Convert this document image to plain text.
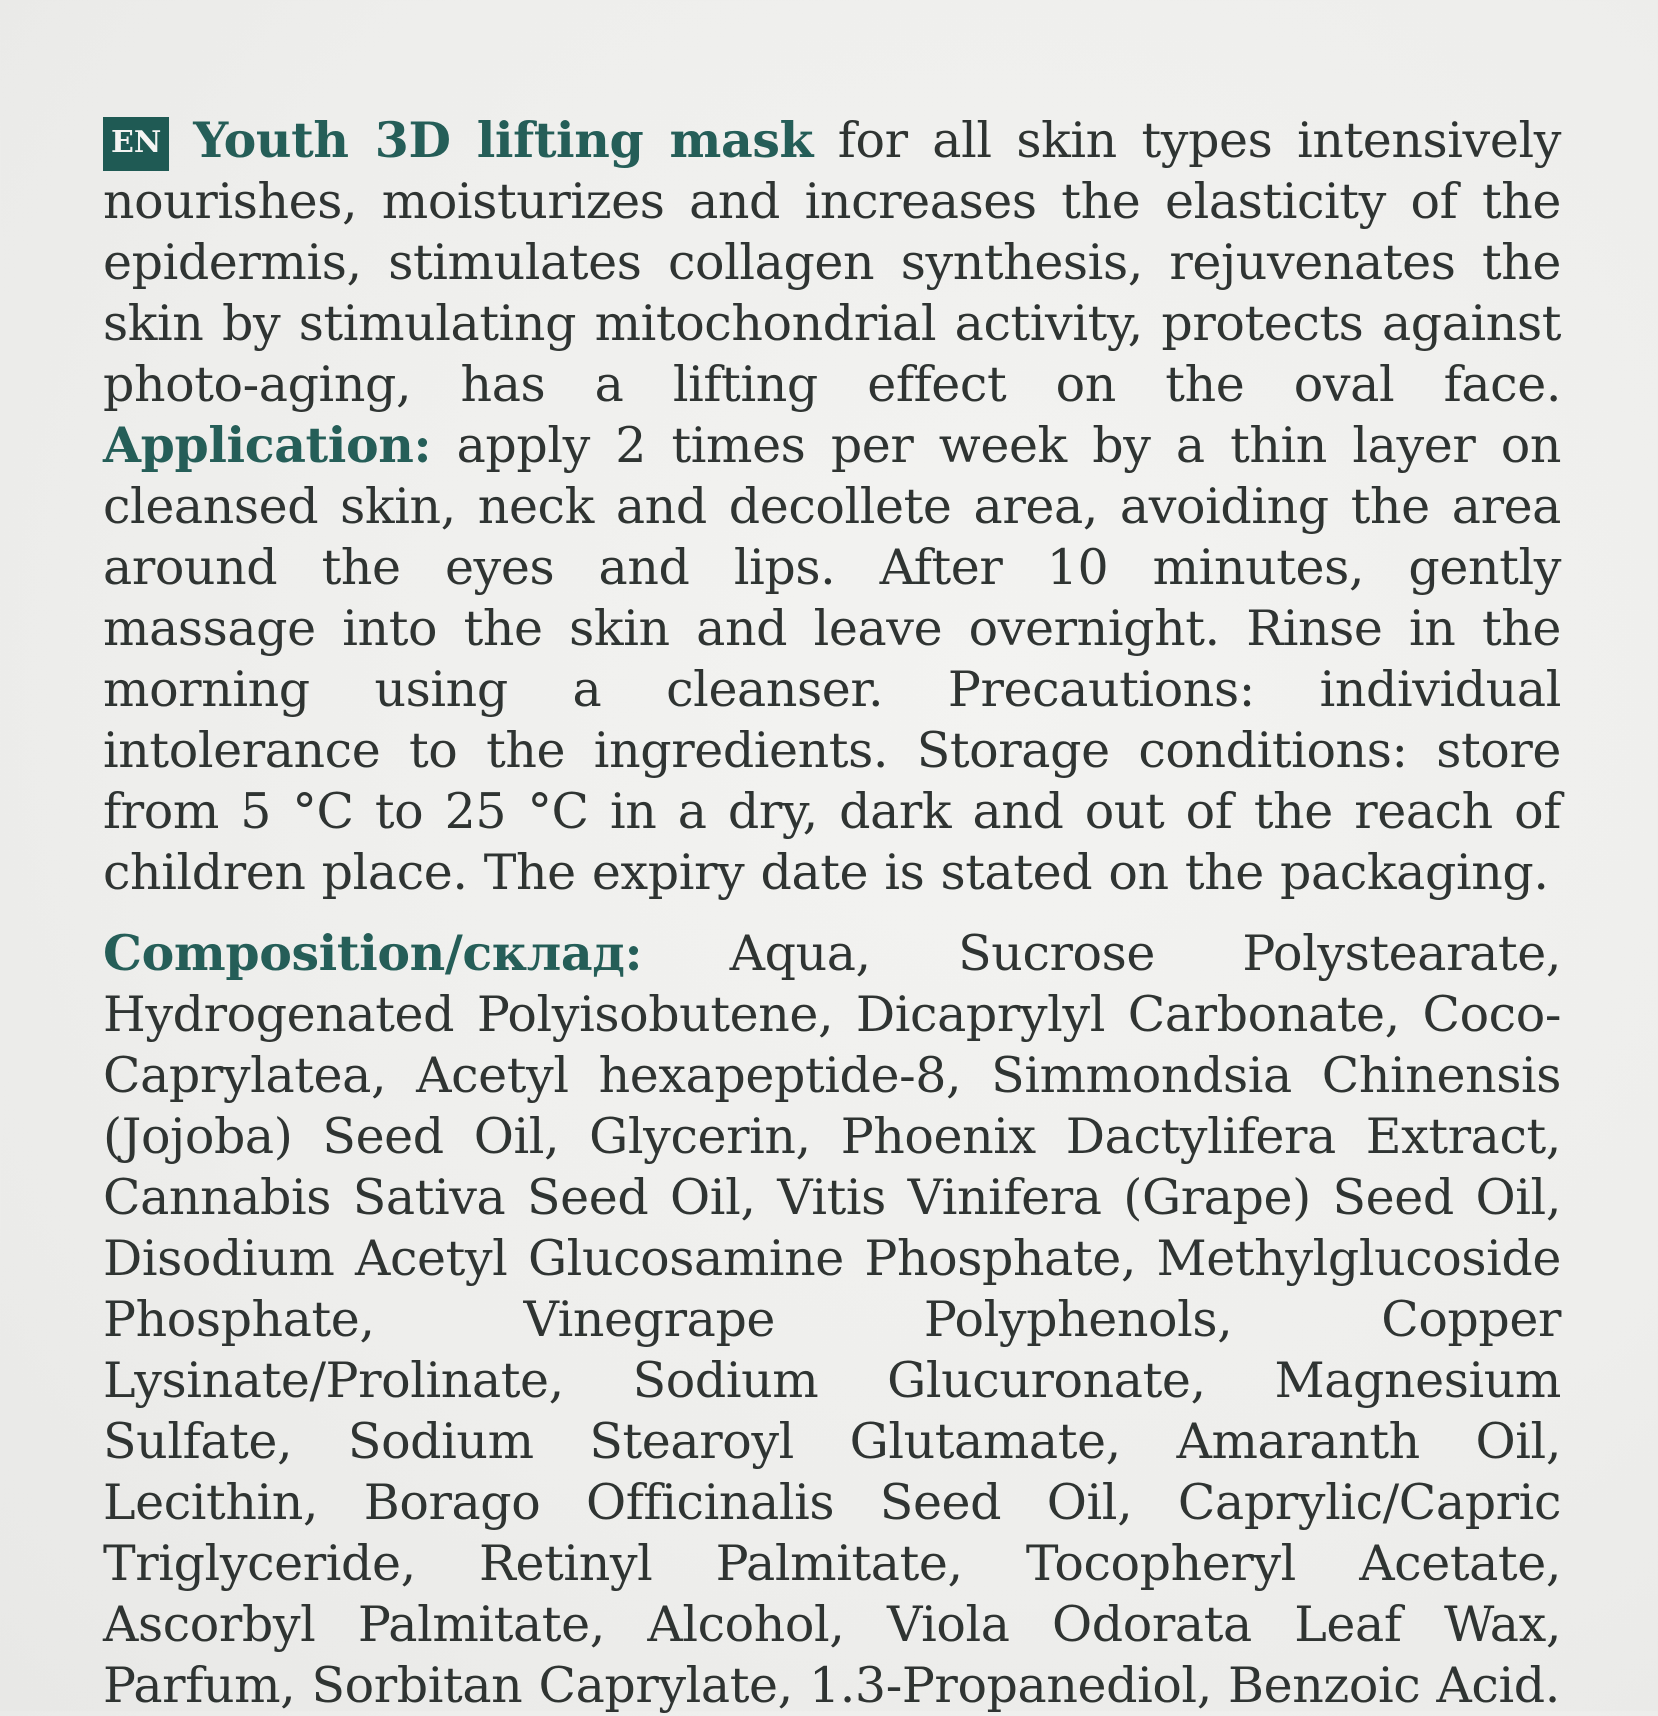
EN Youth 3D lifting mask for all skin types intensively nourishes, moisturizes and increases the elasticity of the epidermis, stimulates collagen synthesis, rejuvenates the skin by stimulating mitochondrial activity, protects against photo-aging, has a lifting effect on the oval face. Application: apply 2 times per week by a thin layer on cleansed skin, neck and decollete area, avoiding the area around the eyes and lips. After 10 minutes, gently massage into the skin and leave overnight. Rinse in the morning using a cleanser. Precautions: individual intolerance to the ingredients. Storage conditions: store from 5 °C to 25 °C in a dry, dark and out of the reach of children place. The expiry date is stated on the packaging.

Composition/склад: Aqua, Sucrose Polystearate, Hydrogenated Polyisobutene, Dicaprylyl Carbonate, Coco-Caprylatea, Acetyl hexapeptide-8, Simmondsia Chinensis (Jojoba) Seed Oil, Glycerin, Phoenix Dactylifera Extract, Cannabis Sativa Seed Oil, Vitis Vinifera (Grape) Seed Oil, Disodium Acetyl Glucosamine Phosphate, Methylglucoside Phosphate, Vinegrape Polyphenols, Copper Lysinate/Prolinate, Sodium Glucuronate, Magnesium Sulfate, Sodium Stearoyl Glutamate, Amaranth Oil, Lecithin, Borago Officinalis Seed Oil, Caprylic/Capric Triglyceride, Retinyl Palmitate, Tocopheryl Acetate, Ascorbyl Palmitate, Alcohol, Viola Odorata Leaf Wax, Parfum, Sorbitan Caprylate, 1.3-Propanediol, Benzoic Acid.
